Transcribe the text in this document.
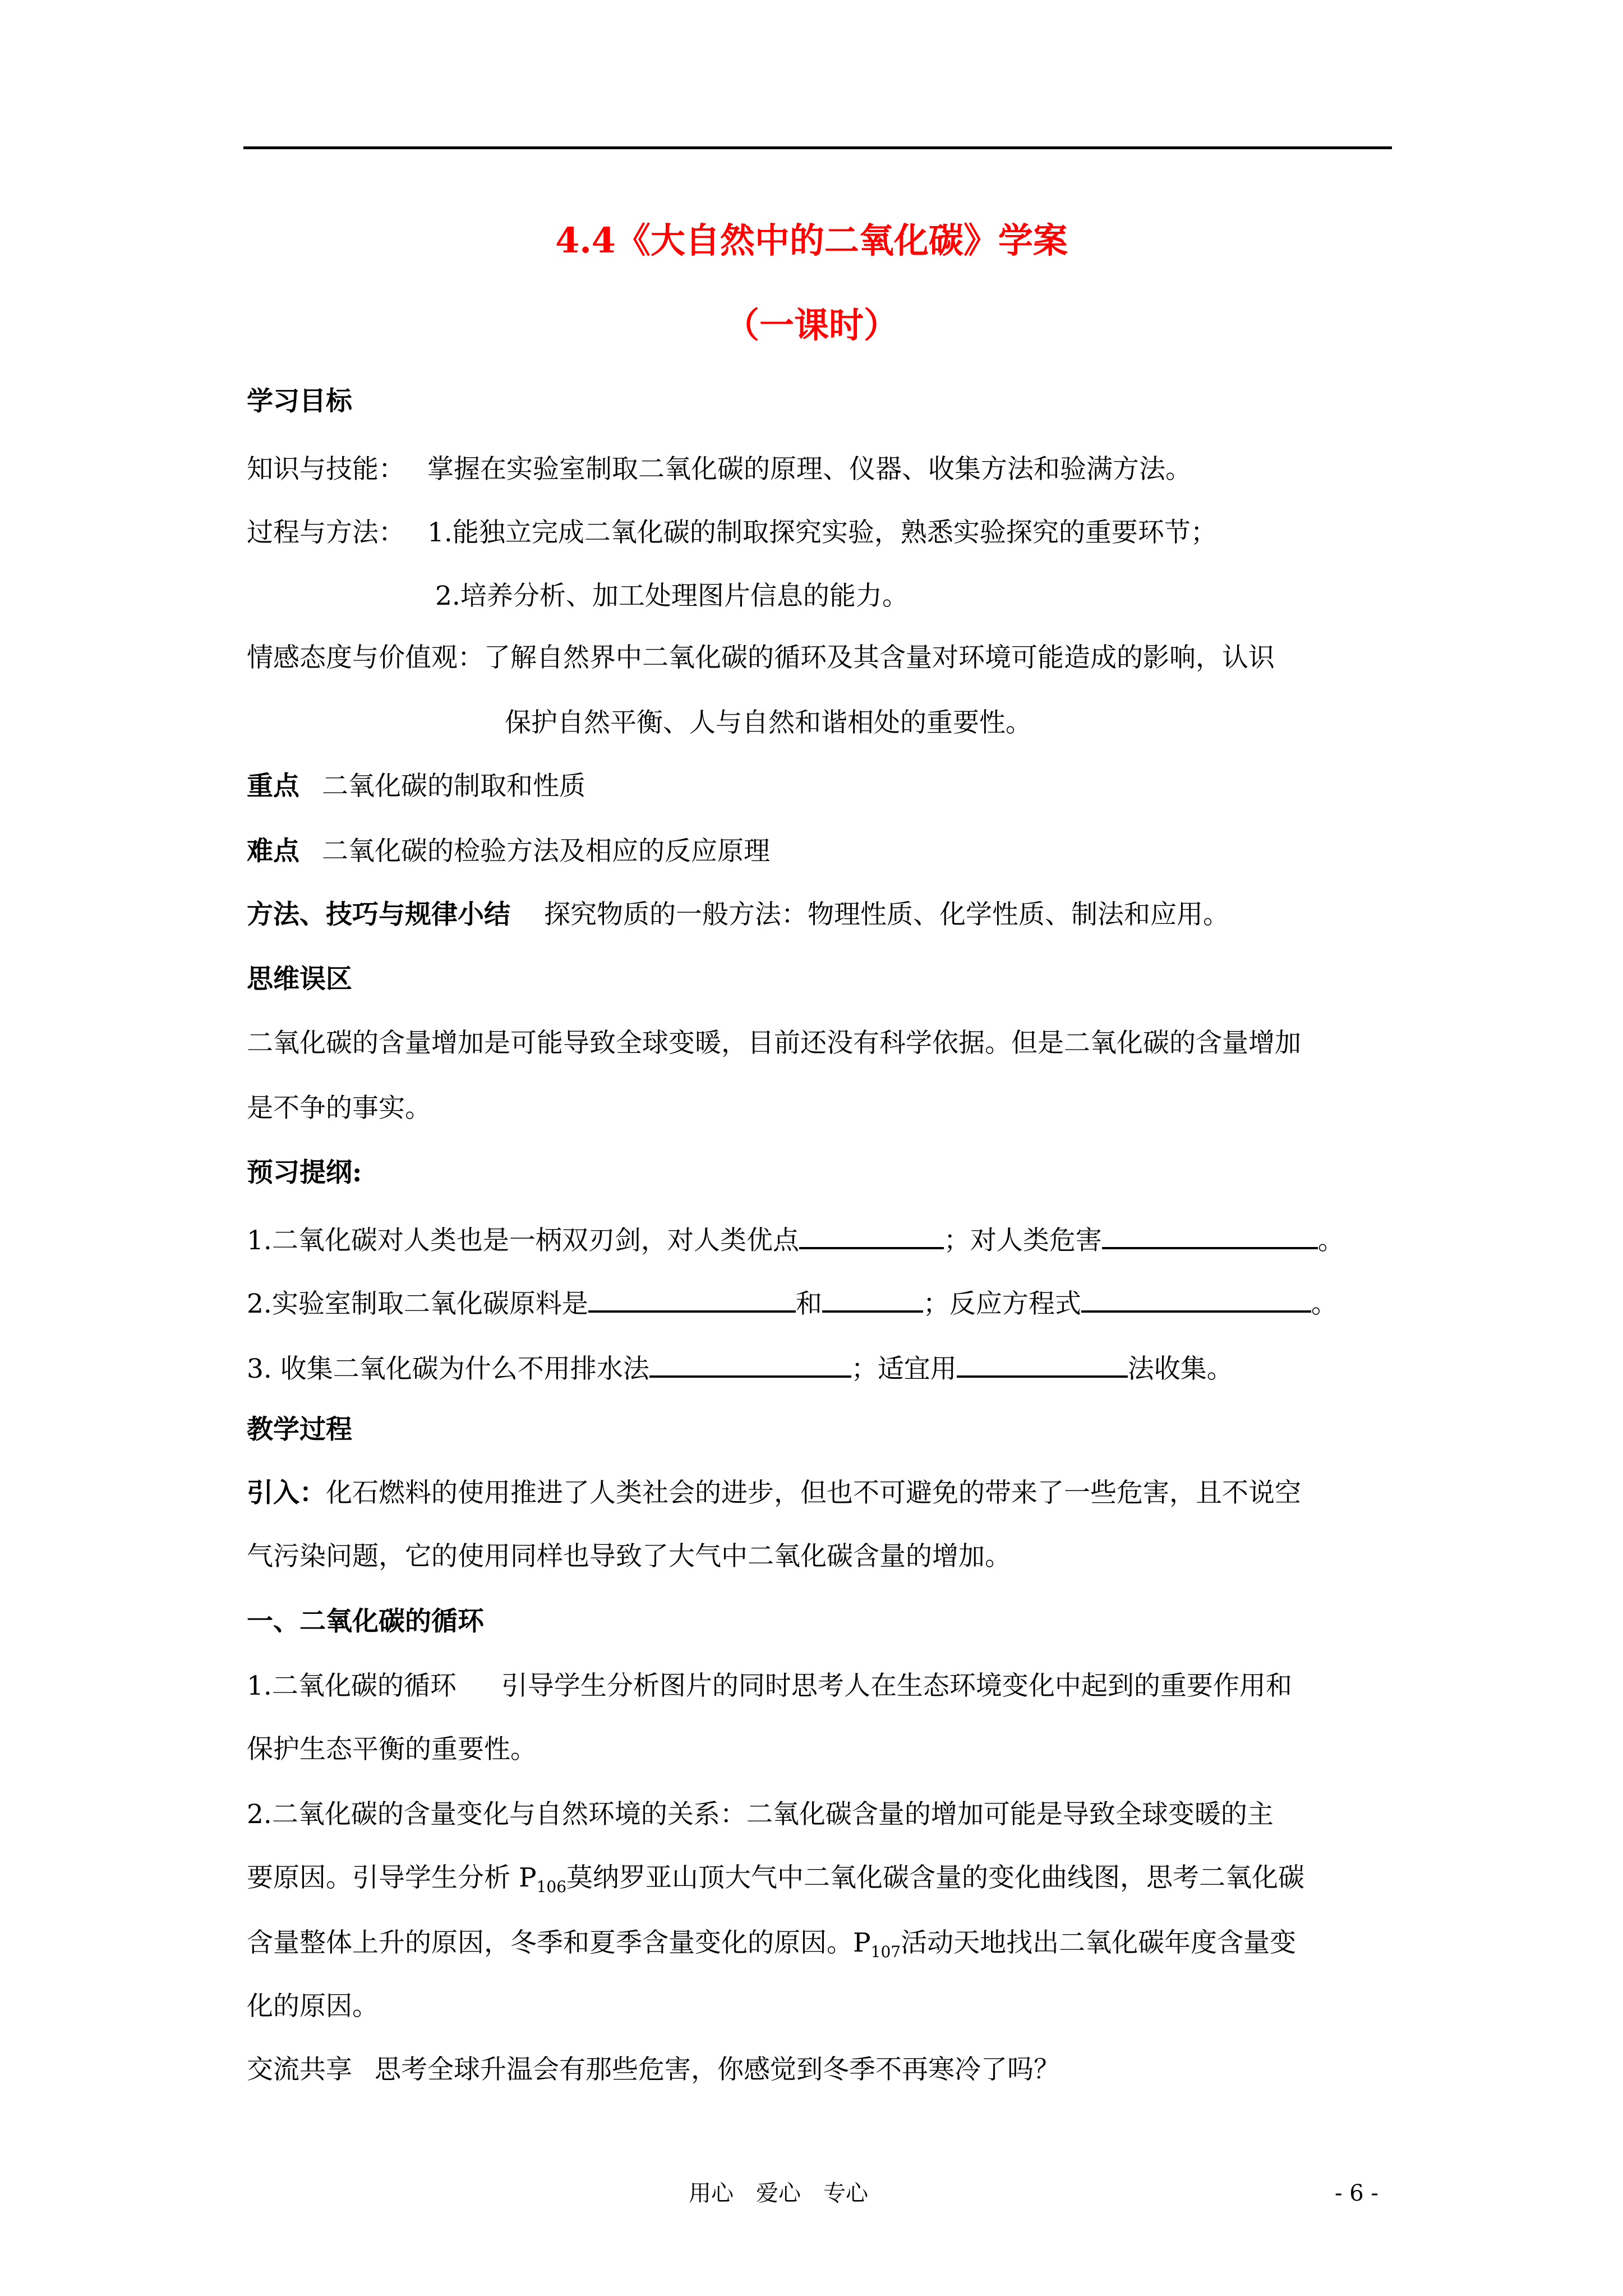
4.4《大自然中的二氧化碳》学案
（一课时）
学习目标
知识与技能： 掌握在实验室制取二氧化碳的原理、仪器、收集方法和验满方法。
过程与方法： 1.能独立完成二氧化碳的制取探究实验，熟悉实验探究的重要环节；
2.培养分析、加工处理图片信息的能力。
情感态度与价值观：了解自然界中二氧化碳的循环及其含量对环境可能造成的影响，认识
保护自然平衡、人与自然和谐相处的重要性。
重点 二氧化碳的制取和性质
难点 二氧化碳的检验方法及相应的反应原理
方法、技巧与规律小结 探究物质的一般方法：物理性质、化学性质、制法和应用。
思维误区
二氧化碳的含量增加是可能导致全球变暖，目前还没有科学依据。但是二氧化碳的含量增加
是不争的事实。
预习提纲:
1.二氧化碳对人类也是一柄双刃剑，对人类优点	；对人类危害	。
2.实验室制取二氧化碳原料是	和	；反应方程式	。
3. 收集二氧化碳为什么不用排水法	；适宜用	法收集。
教学过程
引入：化石燃料的使用推进了人类社会的进步，但也不可避免的带来了一些危害，且不说空
气污染问题，它的使用同样也导致了大气中二氧化碳含量的增加。
一、二氧化碳的循环
1.二氧化碳的循环 引导学生分析图片的同时思考人在生态环境变化中起到的重要作用和
保护生态平衡的重要性。
2.二氧化碳的含量变化与自然环境的关系：二氧化碳含量的增加可能是导致全球变暖的主
要原因。引导学生分析 $P_{106}$莫纳罗亚山顶大气中二氧化碳含量的变化曲线图，思考二氧化碳
含量整体上升的原因，冬季和夏季含量变化的原因。$P_{107}$活动天地找出二氧化碳年度含量变
化的原因。
交流共享 思考全球升温会有那些危害，你感觉到冬季不再寒冷了吗？
用心 爱心 专心	- 6 -
